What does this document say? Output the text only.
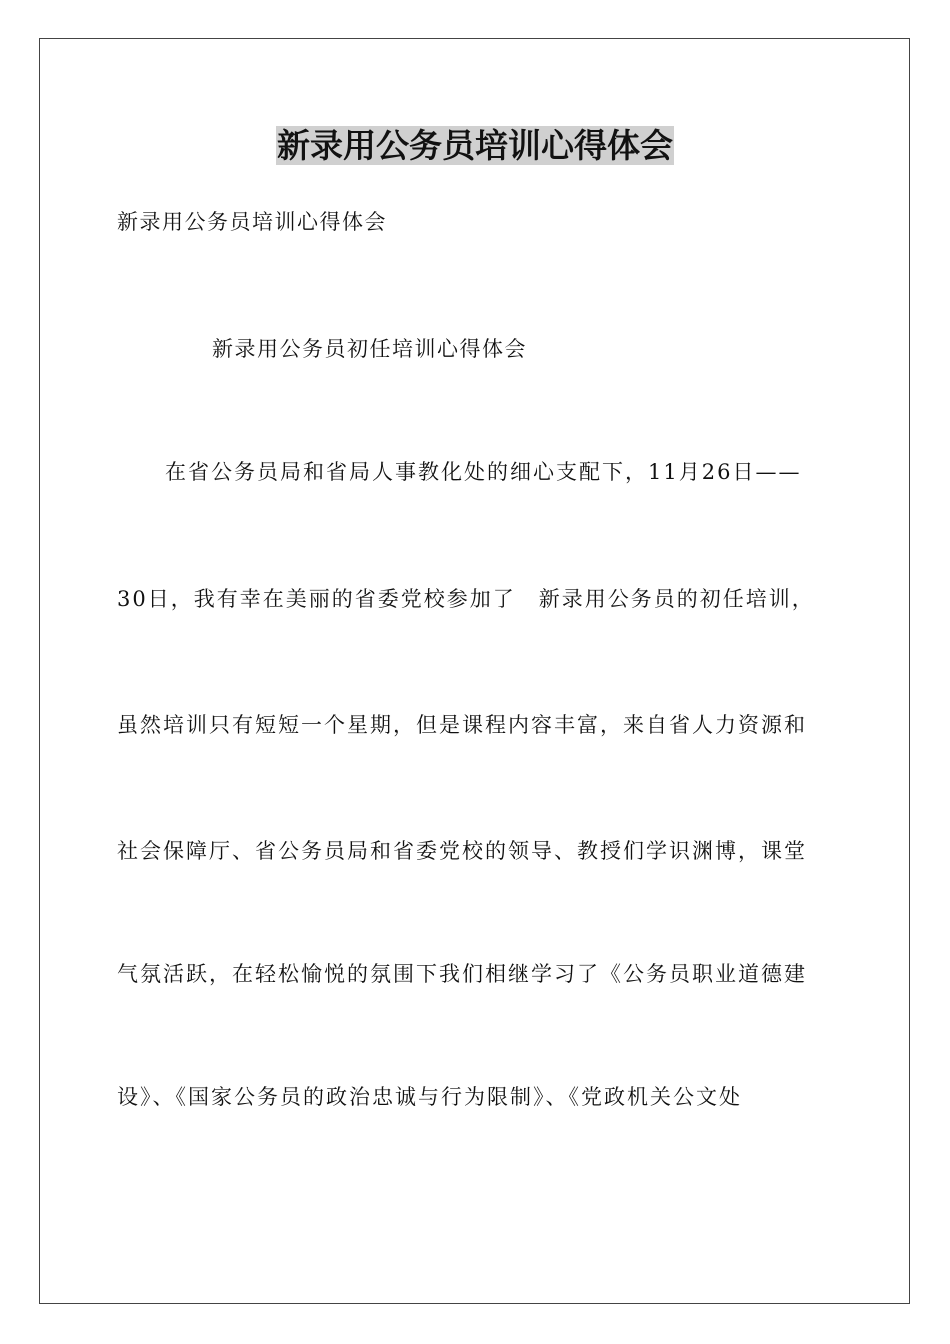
新录用公务员培训心得体会
新录用公务员培训心得体会
新录用公务员初任培训心得体会
在省公务员局和省局人事教化处的细心支配下，11月26日——
30日，我有幸在美丽的省委党校参加了　新录用公务员的初任培训，
虽然培训只有短短一个星期，但是课程内容丰富，来自省人力资源和
社会保障厅、省公务员局和省委党校的领导、教授们学识渊博，课堂
气氛活跃，在轻松愉悦的氛围下我们相继学习了《公务员职业道德建
设》、《国家公务员的政治忠诚与行为限制》、《党政机关公文处
